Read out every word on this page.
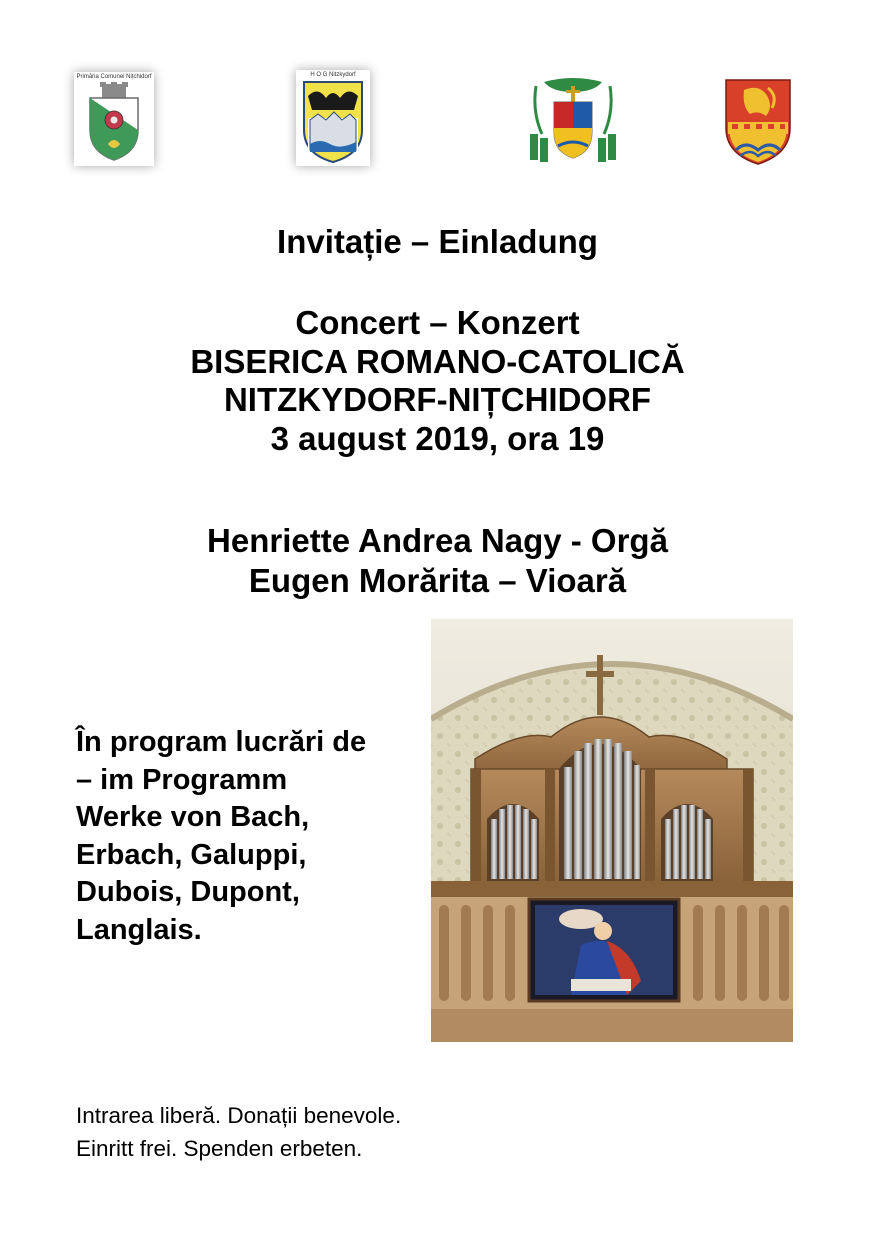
Primăria Comunei Nițchidorf	H O G Nitzkydorf
Invitație – Einladung
Concert – Konzert
BISERICA ROMANO-CATOLICĂ
NITZKYDORF-NIȚCHIDORF
3 august 2019, ora 19
Henriette Andrea Nagy - Orgă
Eugen Morărita – Vioară
În program lucrări de
– im Programm
Werke von Bach,
Erbach, Galuppi,
Dubois, Dupont,
Langlais.
Intrarea liberă. Donații benevole.
Einritt frei. Spenden erbeten.
